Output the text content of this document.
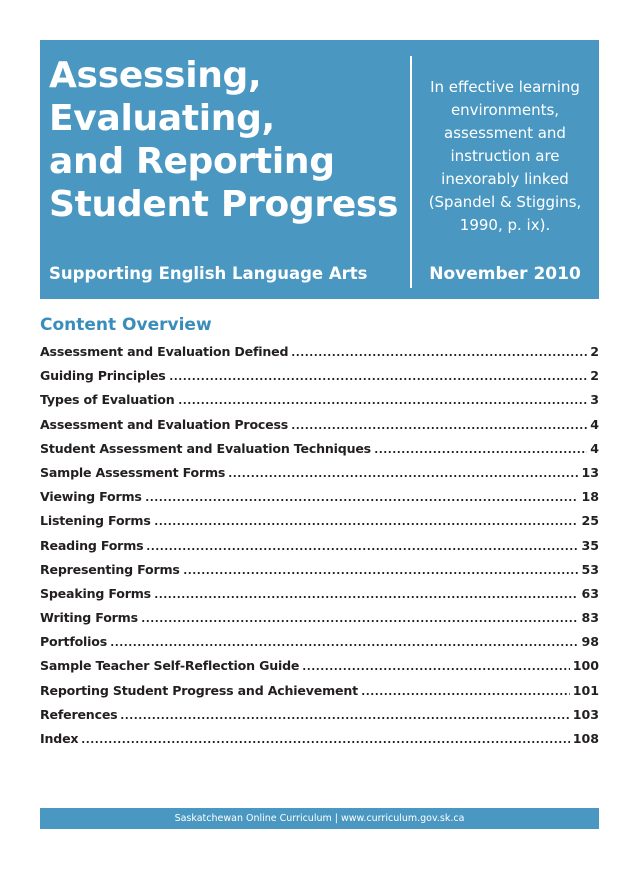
Assessing,
Evaluating,
and Reporting
Student Progress
Supporting English Language Arts
In effective learning environments, assessment and instruction are inexorably linked (Spandel & Stiggins, 1990, p. ix).
November 2010
Content Overview
Assessment and Evaluation Defined	2
Guiding Principles	2
Types of Evaluation	3
Assessment and Evaluation Process	4
Student Assessment and Evaluation Techniques	4
Sample Assessment Forms	13
Viewing Forms	18
Listening Forms	25
Reading Forms	35
Representing Forms	53
Speaking Forms	63
Writing Forms	83
Portfolios	98
Sample Teacher Self-Reflection Guide	100
Reporting Student Progress and Achievement	101
References	103
Index	108
Saskatchewan Online Curriculum | www.curriculum.gov.sk.ca
